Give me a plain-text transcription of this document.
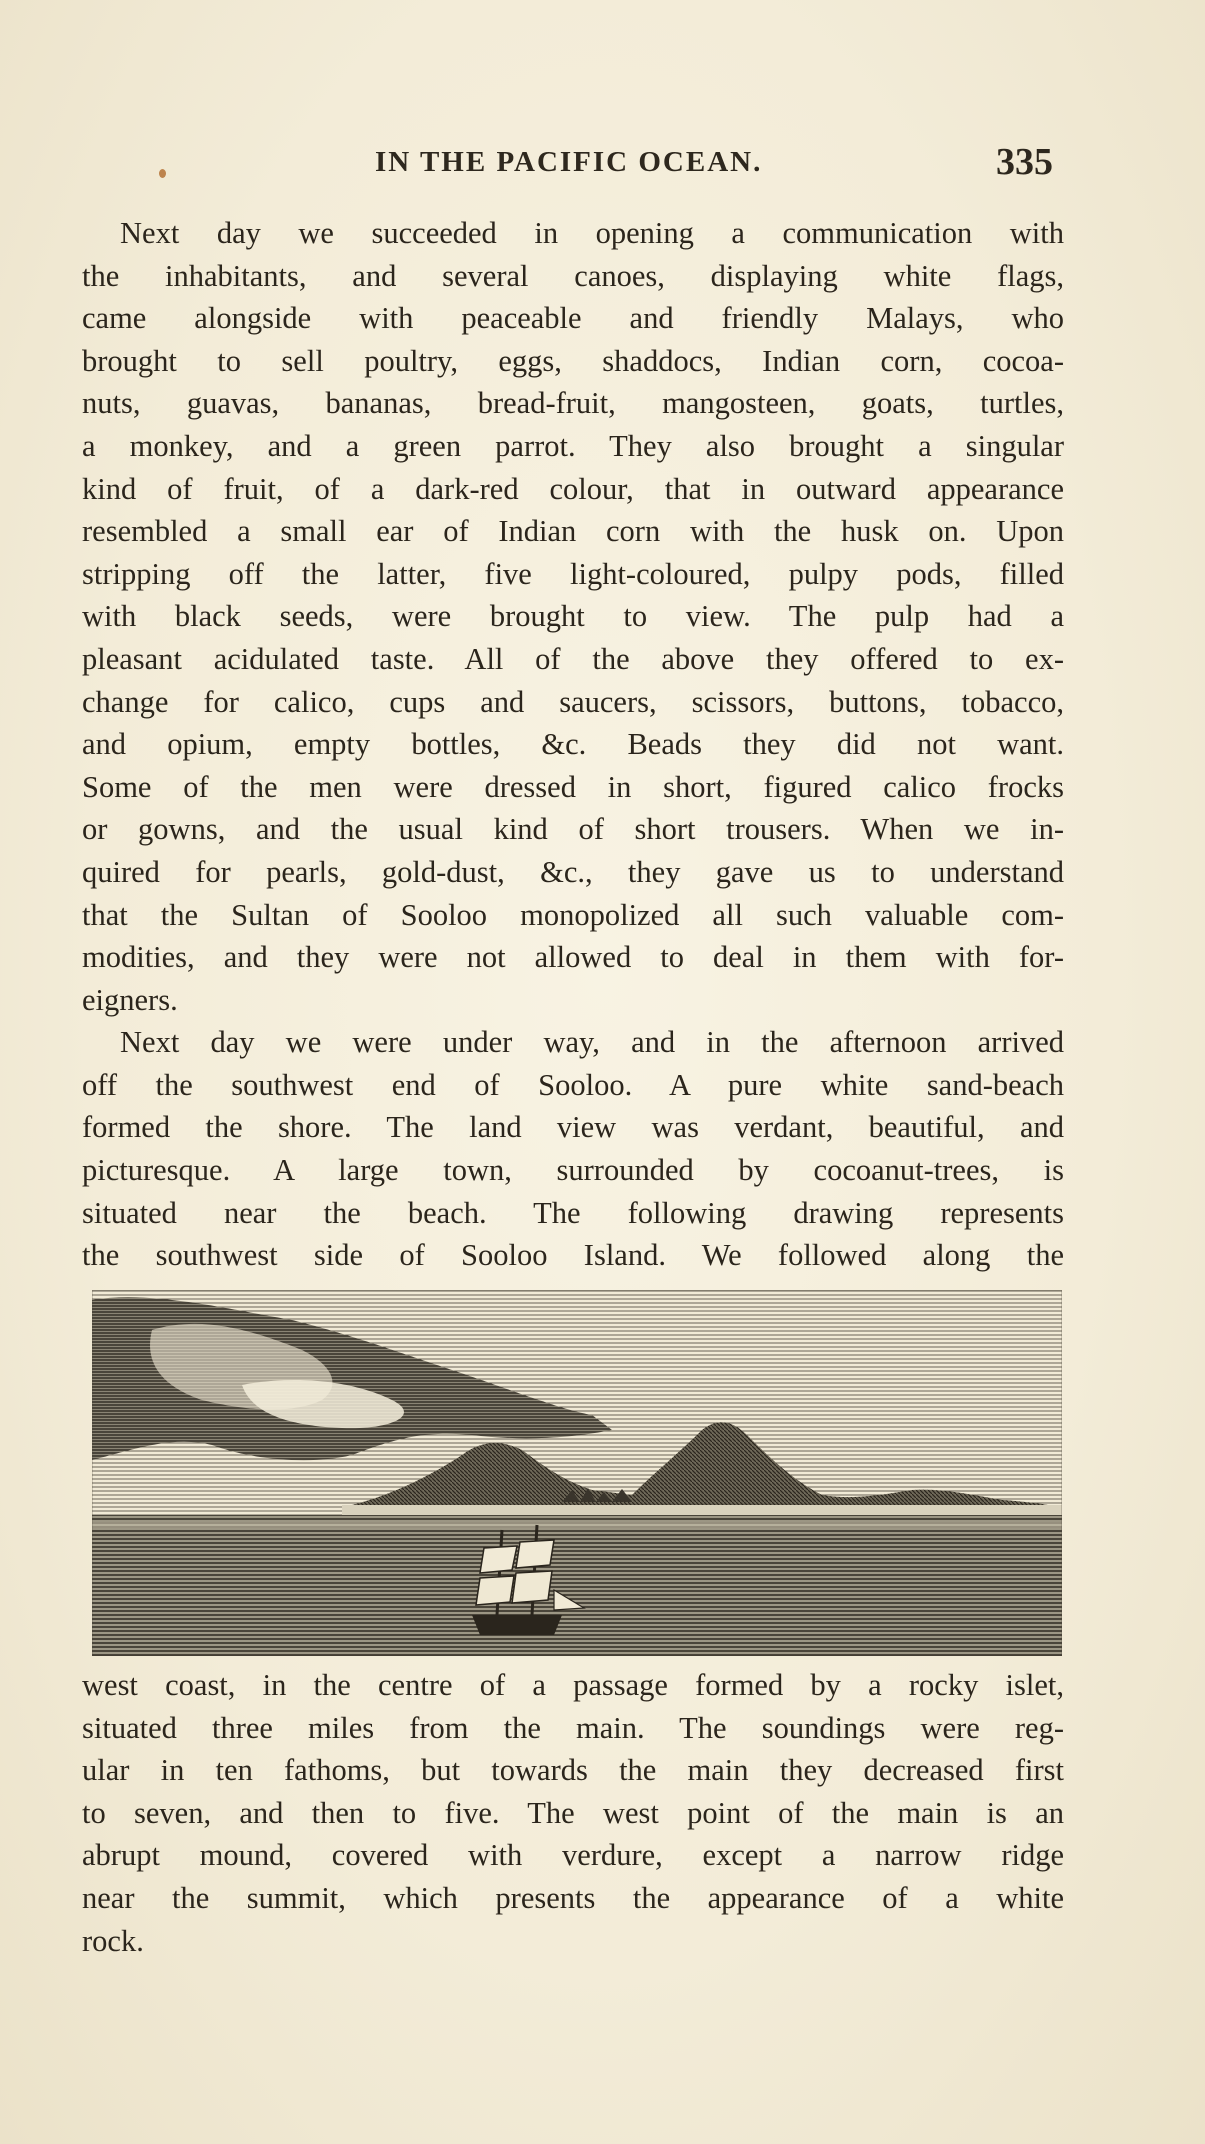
IN THE PACIFIC OCEAN.	335

Next day we succeeded in opening a communication with
the inhabitants, and several canoes, displaying white flags,
came alongside with peaceable and friendly Malays, who
brought to sell poultry, eggs, shaddocs, Indian corn, cocoa-
nuts, guavas, bananas, bread-fruit, mangosteen, goats, turtles,
a monkey, and a green parrot. They also brought a singular
kind of fruit, of a dark-red colour, that in outward appearance
resembled a small ear of Indian corn with the husk on. Upon
stripping off the latter, five light-coloured, pulpy pods, filled
with black seeds, were brought to view. The pulp had a
pleasant acidulated taste. All of the above they offered to ex-
change for calico, cups and saucers, scissors, buttons, tobacco,
and opium, empty bottles, &c. Beads they did not want.
Some of the men were dressed in short, figured calico frocks
or gowns, and the usual kind of short trousers. When we in-
quired for pearls, gold-dust, &c., they gave us to understand
that the Sultan of Sooloo monopolized all such valuable com-
modities, and they were not allowed to deal in them with for-
eigners.

Next day we were under way, and in the afternoon arrived
off the southwest end of Sooloo. A pure white sand-beach
formed the shore. The land view was verdant, beautiful, and
picturesque. A large town, surrounded by cocoanut-trees, is
situated near the beach. The following drawing represents
the southwest side of Sooloo Island. We followed along the

west coast, in the centre of a passage formed by a rocky islet,
situated three miles from the main. The soundings were reg-
ular in ten fathoms, but towards the main they decreased first
to seven, and then to five. The west point of the main is an
abrupt mound, covered with verdure, except a narrow ridge
near the summit, which presents the appearance of a white
rock.
